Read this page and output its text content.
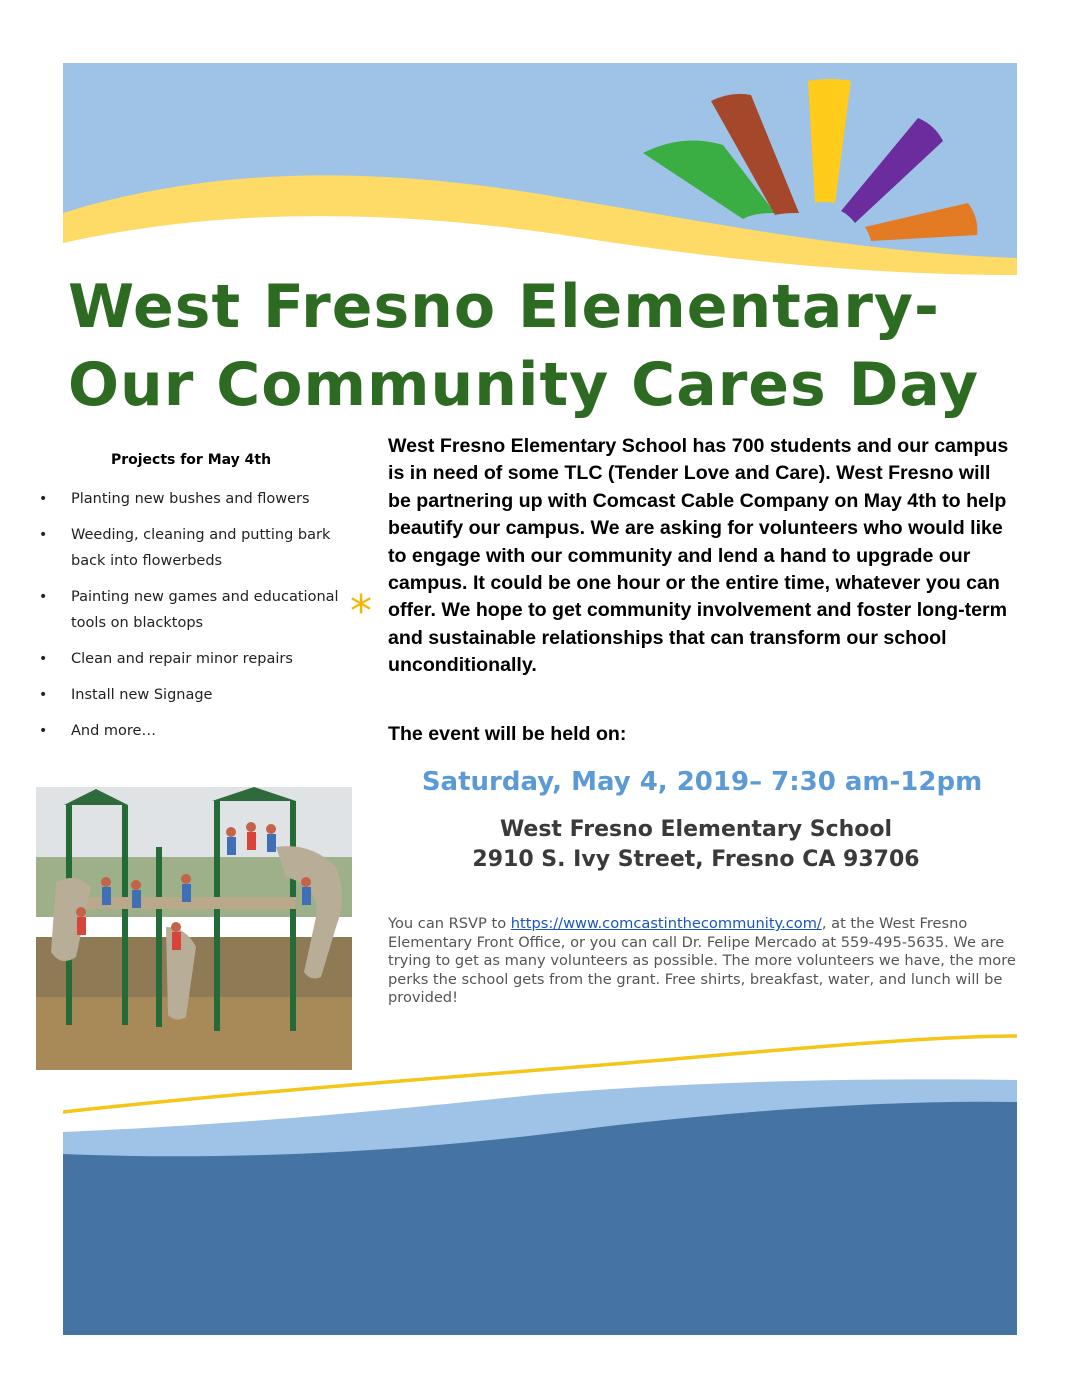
West Fresno Elementary-
Our Community Cares Day

Projects for May 4th

• Planting new bushes and flowers
• Weeding, cleaning and putting bark back into flowerbeds
• Painting new games and educational tools on blacktops
• Clean and repair minor repairs
• Install new Signage
• And more…
*

West Fresno Elementary School has 700 students and our campus is in need of some TLC (Tender Love and Care). West Fresno will be partnering up with Comcast Cable Company on May 4th to help beautify our campus. We are asking for volunteers who would like to engage with our community and lend a hand to upgrade our campus. It could be one hour or the entire time, whatever you can offer. We hope to get community involvement and foster long-term and sustainable relationships that can transform our school unconditionally.

The event will be held on:

Saturday, May 4, 2019– 7:30 am-12pm

West Fresno Elementary School
2910 S. Ivy Street, Fresno CA 93706

You can RSVP to https://www.comcastinthecommunity.com/, at the West Fresno Elementary Front Office, or you can call Dr. Felipe Mercado at 559-495-5635. We are trying to get as many volunteers as possible. The more volunteers we have, the more perks the school gets from the grant. Free shirts, breakfast, water, and lunch will be provided!
